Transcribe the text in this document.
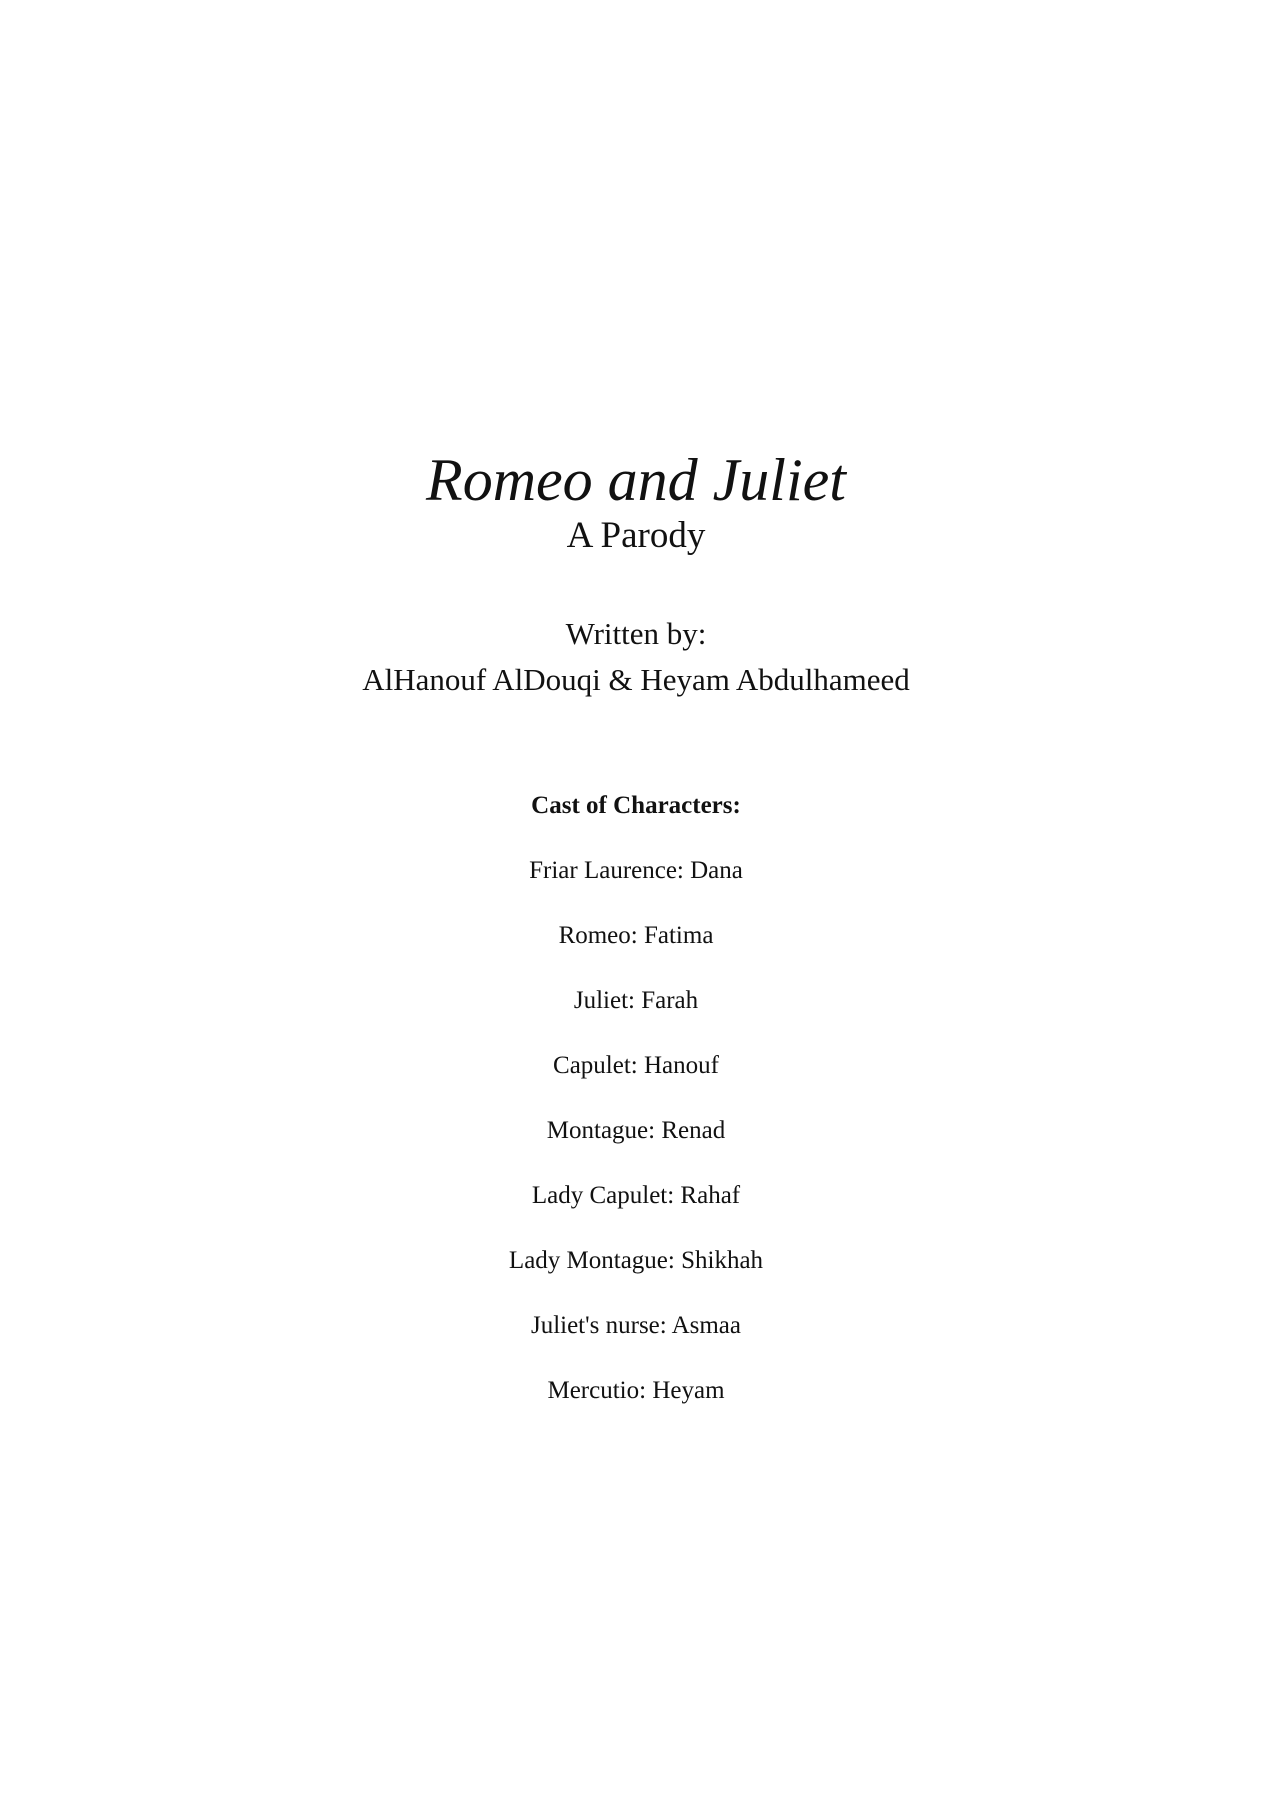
Romeo and Juliet
A Parody
Written by:
AlHanouf AlDouqi & Heyam Abdulhameed
Cast of Characters:
Friar Laurence: Dana
Romeo: Fatima
Juliet: Farah
Capulet: Hanouf
Montague: Renad
Lady Capulet: Rahaf
Lady Montague: Shikhah
Juliet's nurse: Asmaa
Mercutio: Heyam
